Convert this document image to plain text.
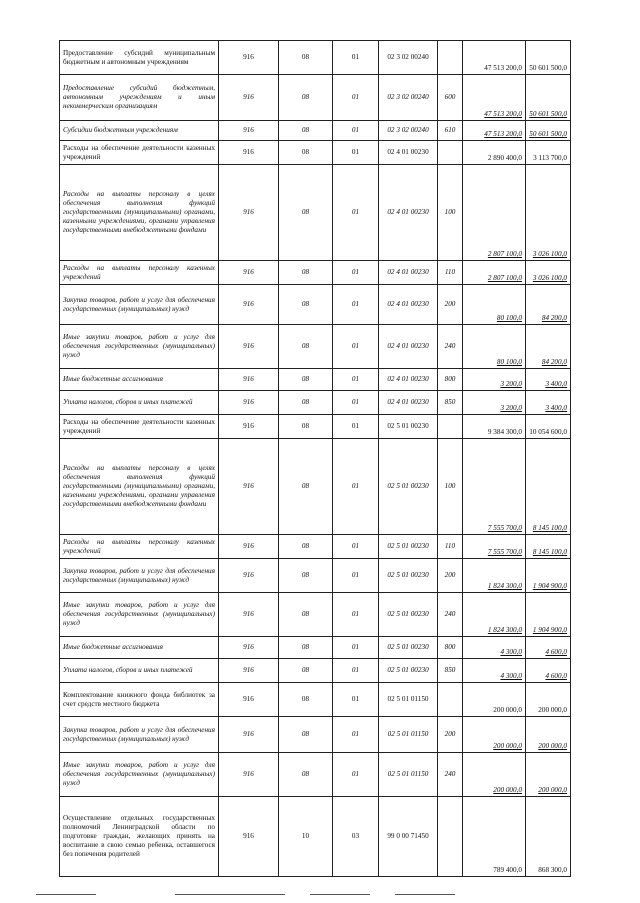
Предоставление субсидий муниципальным бюджетным и автономным учреждениям	916	08	01	02 3 02 00240		47 513 200,0	50 601 500,0
Предоставление субсидий бюджетным, автономным учреждениям и иным некоммерческим организациям	916	08	01	02 3 02 00240	600	47 513 200,0	50 601 500,0
Субсидии бюджетным учреждениям	916	08	01	02 3 02 00240	610	47 513 200,0	50 601 500,0
Расходы на обеспечение деятельности казенных учреждений	916	08	01	02 4 01 00230		2 890 400,0	3 113 700,0
Расходы на выплаты персоналу в целях обеспечения выполнения функций государственными (муниципальными) органами, казенными учреждениями, органами управления государственными внебюджетными фондами	916	08	01	02 4 01 00230	100	2 807 100,0	3 026 100,0
Расходы на выплаты персоналу казенных учреждений	916	08	01	02 4 01 00230	110	2 807 100,0	3 026 100,0
Закупка товаров, работ и услуг для обеспечения государственных (муниципальных) нужд	916	08	01	02 4 01 00230	200	80 100,0	84 200,0
Иные закупки товаров, работ и услуг для обеспечения государственных (муниципальных) нужд	916	08	01	02 4 01 00230	240	80 100,0	84 200,0
Иные бюджетные ассигнования	916	08	01	02 4 01 00230	800	3 200,0	3 400,0
Уплата налогов, сборов и иных платежей	916	08	01	02 4 01 00230	850	3 200,0	3 400,0
Расходы на обеспечение деятельности казенных учреждений	916	08	01	02 5 01 00230		9 384 300,0	10 054 600,0
Расходы на выплаты персоналу в целях обеспечения выполнения функций государственными (муниципальными) органами, казенными учреждениями, органами управления государственными внебюджетными фондами	916	08	01	02 5 01 00230	100	7 555 700,0	8 145 100,0
Расходы на выплаты персоналу казенных учреждений	916	08	01	02 5 01 00230	110	7 555 700,0	8 145 100,0
Закупка товаров, работ и услуг для обеспечения государственных (муниципальных) нужд	916	08	01	02 5 01 00230	200	1 824 300,0	1 904 900,0
Иные закупки товаров, работ и услуг для обеспечения государственных (муниципальных) нужд	916	08	01	02 5 01 00230	240	1 824 300,0	1 904 900,0
Иные бюджетные ассигнования	916	08	01	02 5 01 00230	800	4 300,0	4 600,0
Уплата налогов, сборов и иных платежей	916	08	01	02 5 01 00230	850	4 300,0	4 600,0
Комплектование книжного фонда библиотек за счет средств местного бюджета	916	08	01	02 5 01 01150		200 000,0	200 000,0
Закупка товаров, работ и услуг для обеспечения государственных (муниципальных) нужд	916	08	01	02 5 01 01150	200	200 000,0	200 000,0
Иные закупки товаров, работ и услуг для обеспечения государственных (муниципальных) нужд	916	08	01	02 5 01 01150	240	200 000,0	200 000,0
Осуществление отдельных государственных полномочий Ленинградской области по подготовке граждан, желающих принять на воспитание в свою семью ребенка, оставшегося без попечения родителей	916	10	03	99 0 00 71450		789 400,0	868 300,0
